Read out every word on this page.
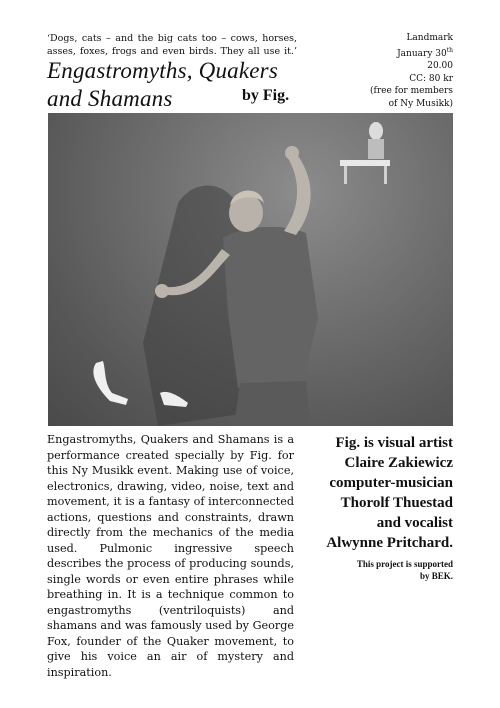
‘Dogs, cats – and the big cats too – cows, horses, asses, foxes, frogs and even birds. They all use it.’
Engastromyths, Quakers and Shamans	by Fig.
Landmark
January 30th
20.00
CC: 80 kr
(free for members
of Ny Musikk)
Engastromyths, Quakers and Shamans is a performance created specially by Fig. for this Ny Musikk event. Making use of voice, electronics, drawing, video, noise, text and movement, it is a fantasy of interconnected actions, questions and constraints, drawn directly from the mechanics of the media used. Pulmonic ingressive speech describes the process of producing sounds, single words or even entire phrases while breathing in. It is a technique common to engastromyths (ventriloquists) and shamans and was famously used by George Fox, founder of the Quaker movement, to give his voice an air of mystery and inspiration.
Fig. is visual artist
Claire Zakiewicz
computer-musician
Thorolf Thuestad
and vocalist
Alwynne Pritchard.
This project is supported
by BEK.
